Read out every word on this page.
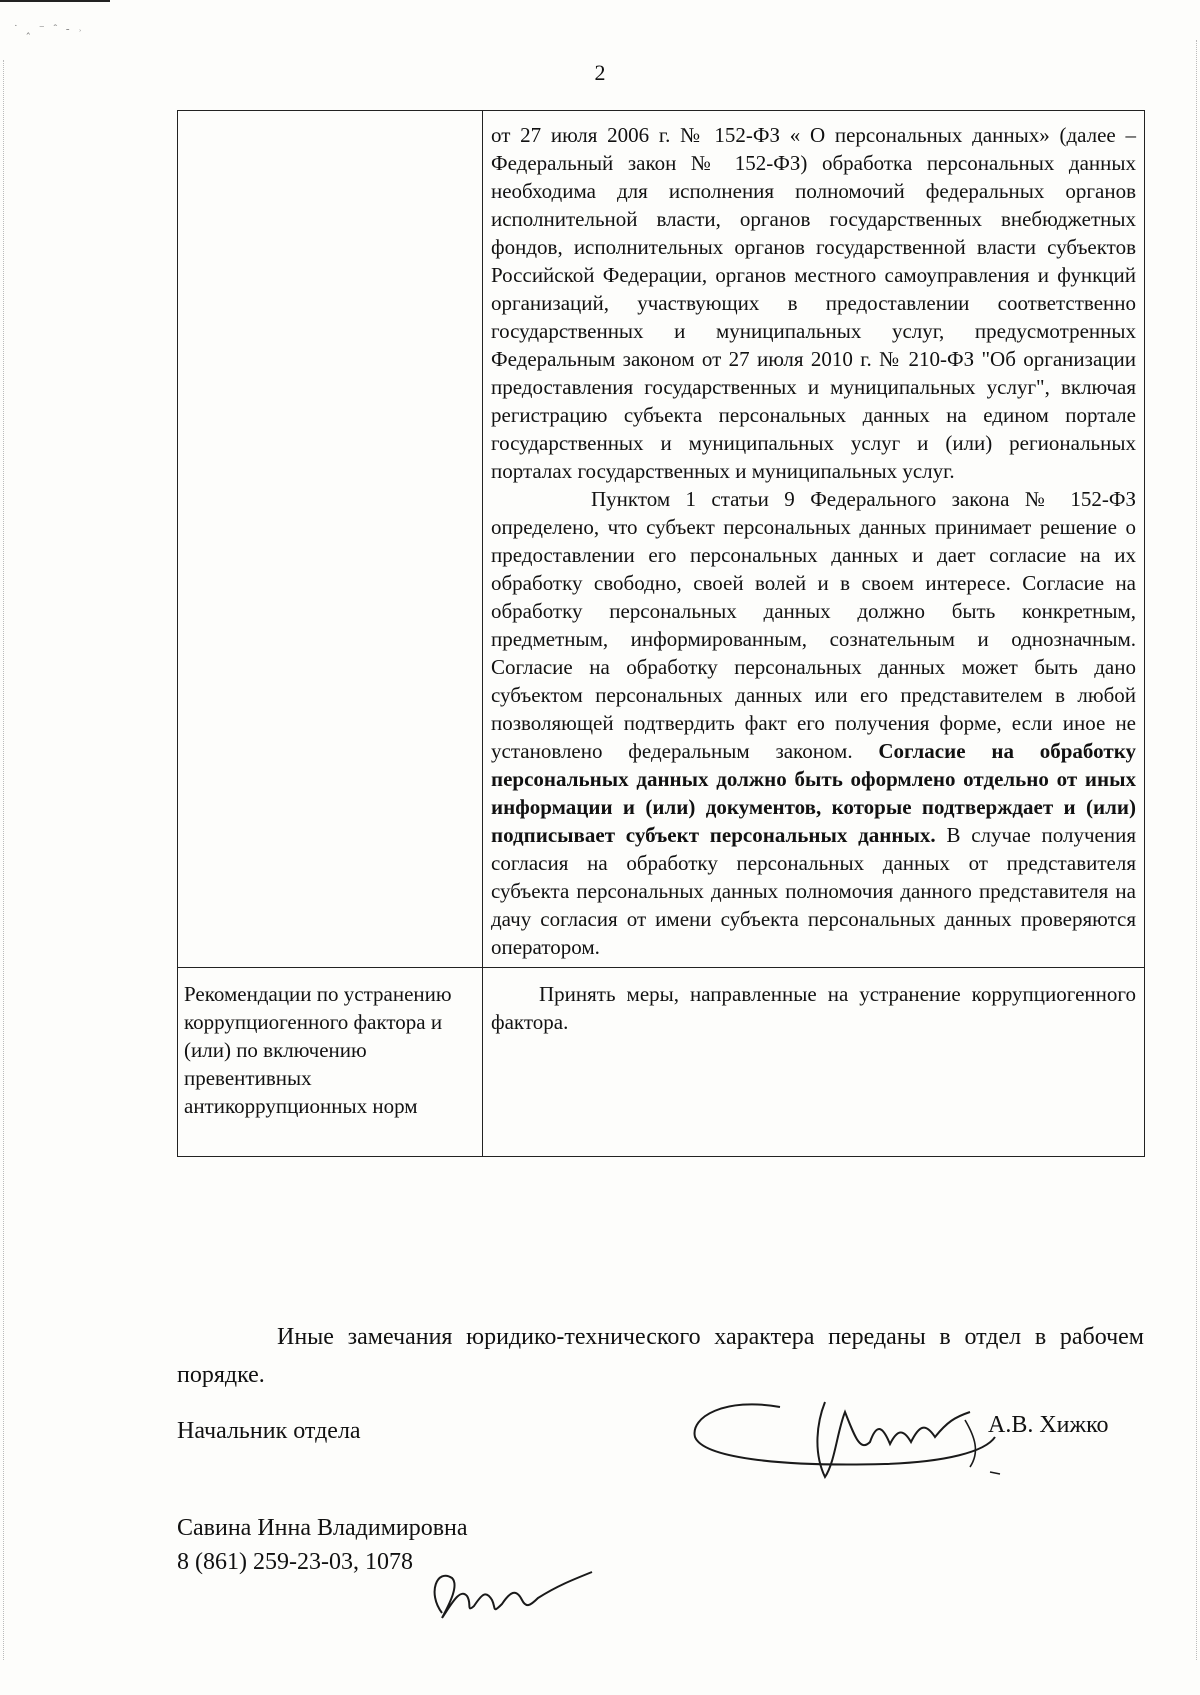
˙ ‸ ⁻ ˆ ‐ ˒
2

	от 27 июля 2006 г. № 152-ФЗ « О персональных данных» (далее – Федеральный закон № 152-ФЗ) обработка персональных данных необходима для исполнения полномочий федеральных органов исполнительной власти, органов государственных внебюджетных фондов, исполнительных органов государственной власти субъектов Российской Федерации, органов местного самоуправления и функций организаций, участвующих в предоставлении соответственно государственных и муниципальных услуг, предусмотренных Федеральным законом от 27 июля 2010 г. № 210-ФЗ "Об организации предоставления государственных и муниципальных услуг", включая регистрацию субъекта персональных данных на едином портале государственных и муниципальных услуг и (или) региональных порталах государственных и муниципальных услуг.

Пунктом 1 статьи 9 Федерального закона № 152-ФЗ определено, что субъект персональных данных принимает решение о предоставлении его персональных данных и дает согласие на их обработку свободно, своей волей и в своем интересе. Согласие на обработку персональных данных должно быть конкретным, предметным, информированным, сознательным и однозначным. Согласие на обработку персональных данных может быть дано субъектом персональных данных или его представителем в любой позволяющей подтвердить факт его получения форме, если иное не установлено федеральным законом. Согласие на обработку персональных данных должно быть оформлено отдельно от иных информации и (или) документов, которые подтверждает и (или) подписывает субъект персональных данных. В случае получения согласия на обработку персональных данных от представителя субъекта персональных данных полномочия данного представителя на дачу согласия от имени субъекта персональных данных проверяются оператором.

Рекомендации по устранению коррупциогенного фактора и (или) по включению превентивных антикоррупционных норм	Принять меры, направленные на устранение коррупциогенного фактора.

Иные замечания юридико-технического характера переданы в отдел в рабочем порядке.
Начальник отдела	А.В. Хижко
Савина Инна Владимировна
8 (861) 259-23-03, 1078
